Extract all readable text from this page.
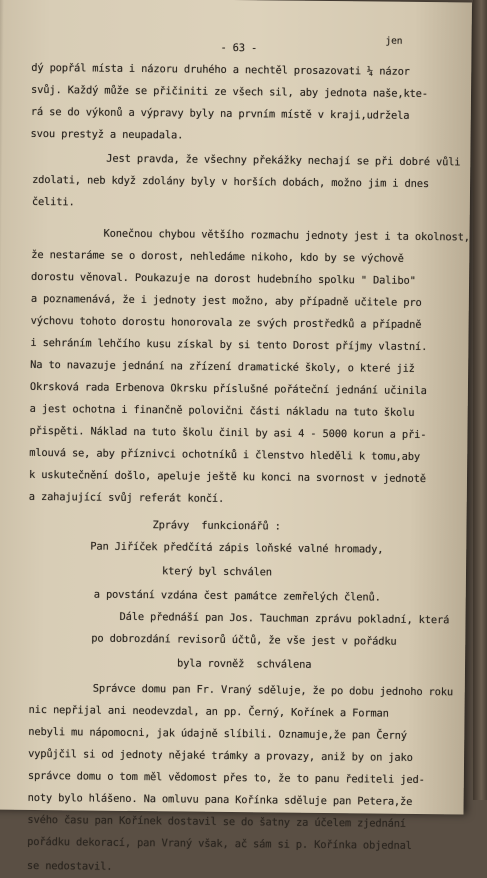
- 63 -
jen
dý popřál místa i názoru druhého a nechtěl prosazovati ¼ názor
svůj. Každý může se přičiniti ze všech sil, aby jednota naše,kte-
rá se do výkonů a výpravy byly na prvním místě v kraji,udržela
svou prestyž a neupadala.
Jest pravda, že všechny překážky nechají se při dobré vůli
zdolati, neb když zdolány byly v horších dobách, možno jim i dnes
čeliti.
Konečnou chybou většího rozmachu jednoty jest i ta okolnost,
že nestaráme se o dorost, nehledáme nikoho, kdo by se výchově
dorostu věnoval. Poukazuje na dorost hudebního spolku " Dalibo"
a poznamenává, že i jednoty jest možno, aby případně učitele pro
výchovu tohoto dorostu honorovala ze svých prostředků a případně
i sehráním lehčího kusu získal by si tento Dorost příjmy vlastní.
Na to navazuje jednání na zřízení dramatické školy, o které již
Okrsková rada Erbenova Okrsku příslušné pořáteční jednání učinila
a jest ochotna i finančně polovični části nákladu na tuto školu
přispěti. Náklad na tuto školu činil by asi 4 - 5000 korun a při-
mlouvá se, aby příznivci ochotníků i členstvo hleděli k tomu,aby
k uskutečnění došlo, apeluje ještě ku konci na svornost v jednotě
a zahajující svůj referát končí.
Zprávy  funkcionářů :
Pan Jiříček předčítá zápis loňské valné hromady,
který byl schválen
a povstání vzdána čest památce zemřelých členů.
Dále přednáší pan Jos. Tauchman zprávu pokladní, která
po dobrozdání revisorů účtů, že vše jest v pořádku
byla rovněž  schválena
Správce domu pan Fr. Vraný sděluje, že po dobu jednoho roku
nic nepřijal ani neodevzdal, an pp. Černý, Kořínek a Forman
nebyli mu nápomocni, jak údajně slíbili. Oznamuje,že pan Černý
vypůjčil si od jednoty nějaké trámky a provazy, aniž by on jako
správce domu o tom měl vědomost přes to, že to panu řediteli jed-
noty bylo hlášeno. Na omluvu pana Kořínka sděluje pan Petera,že
svého času pan Kořínek dostavil se do šatny za účelem zjednání
pořádku dekorací, pan Vraný však, ač sám si p. Kořínka objednal
se nedostavil.
